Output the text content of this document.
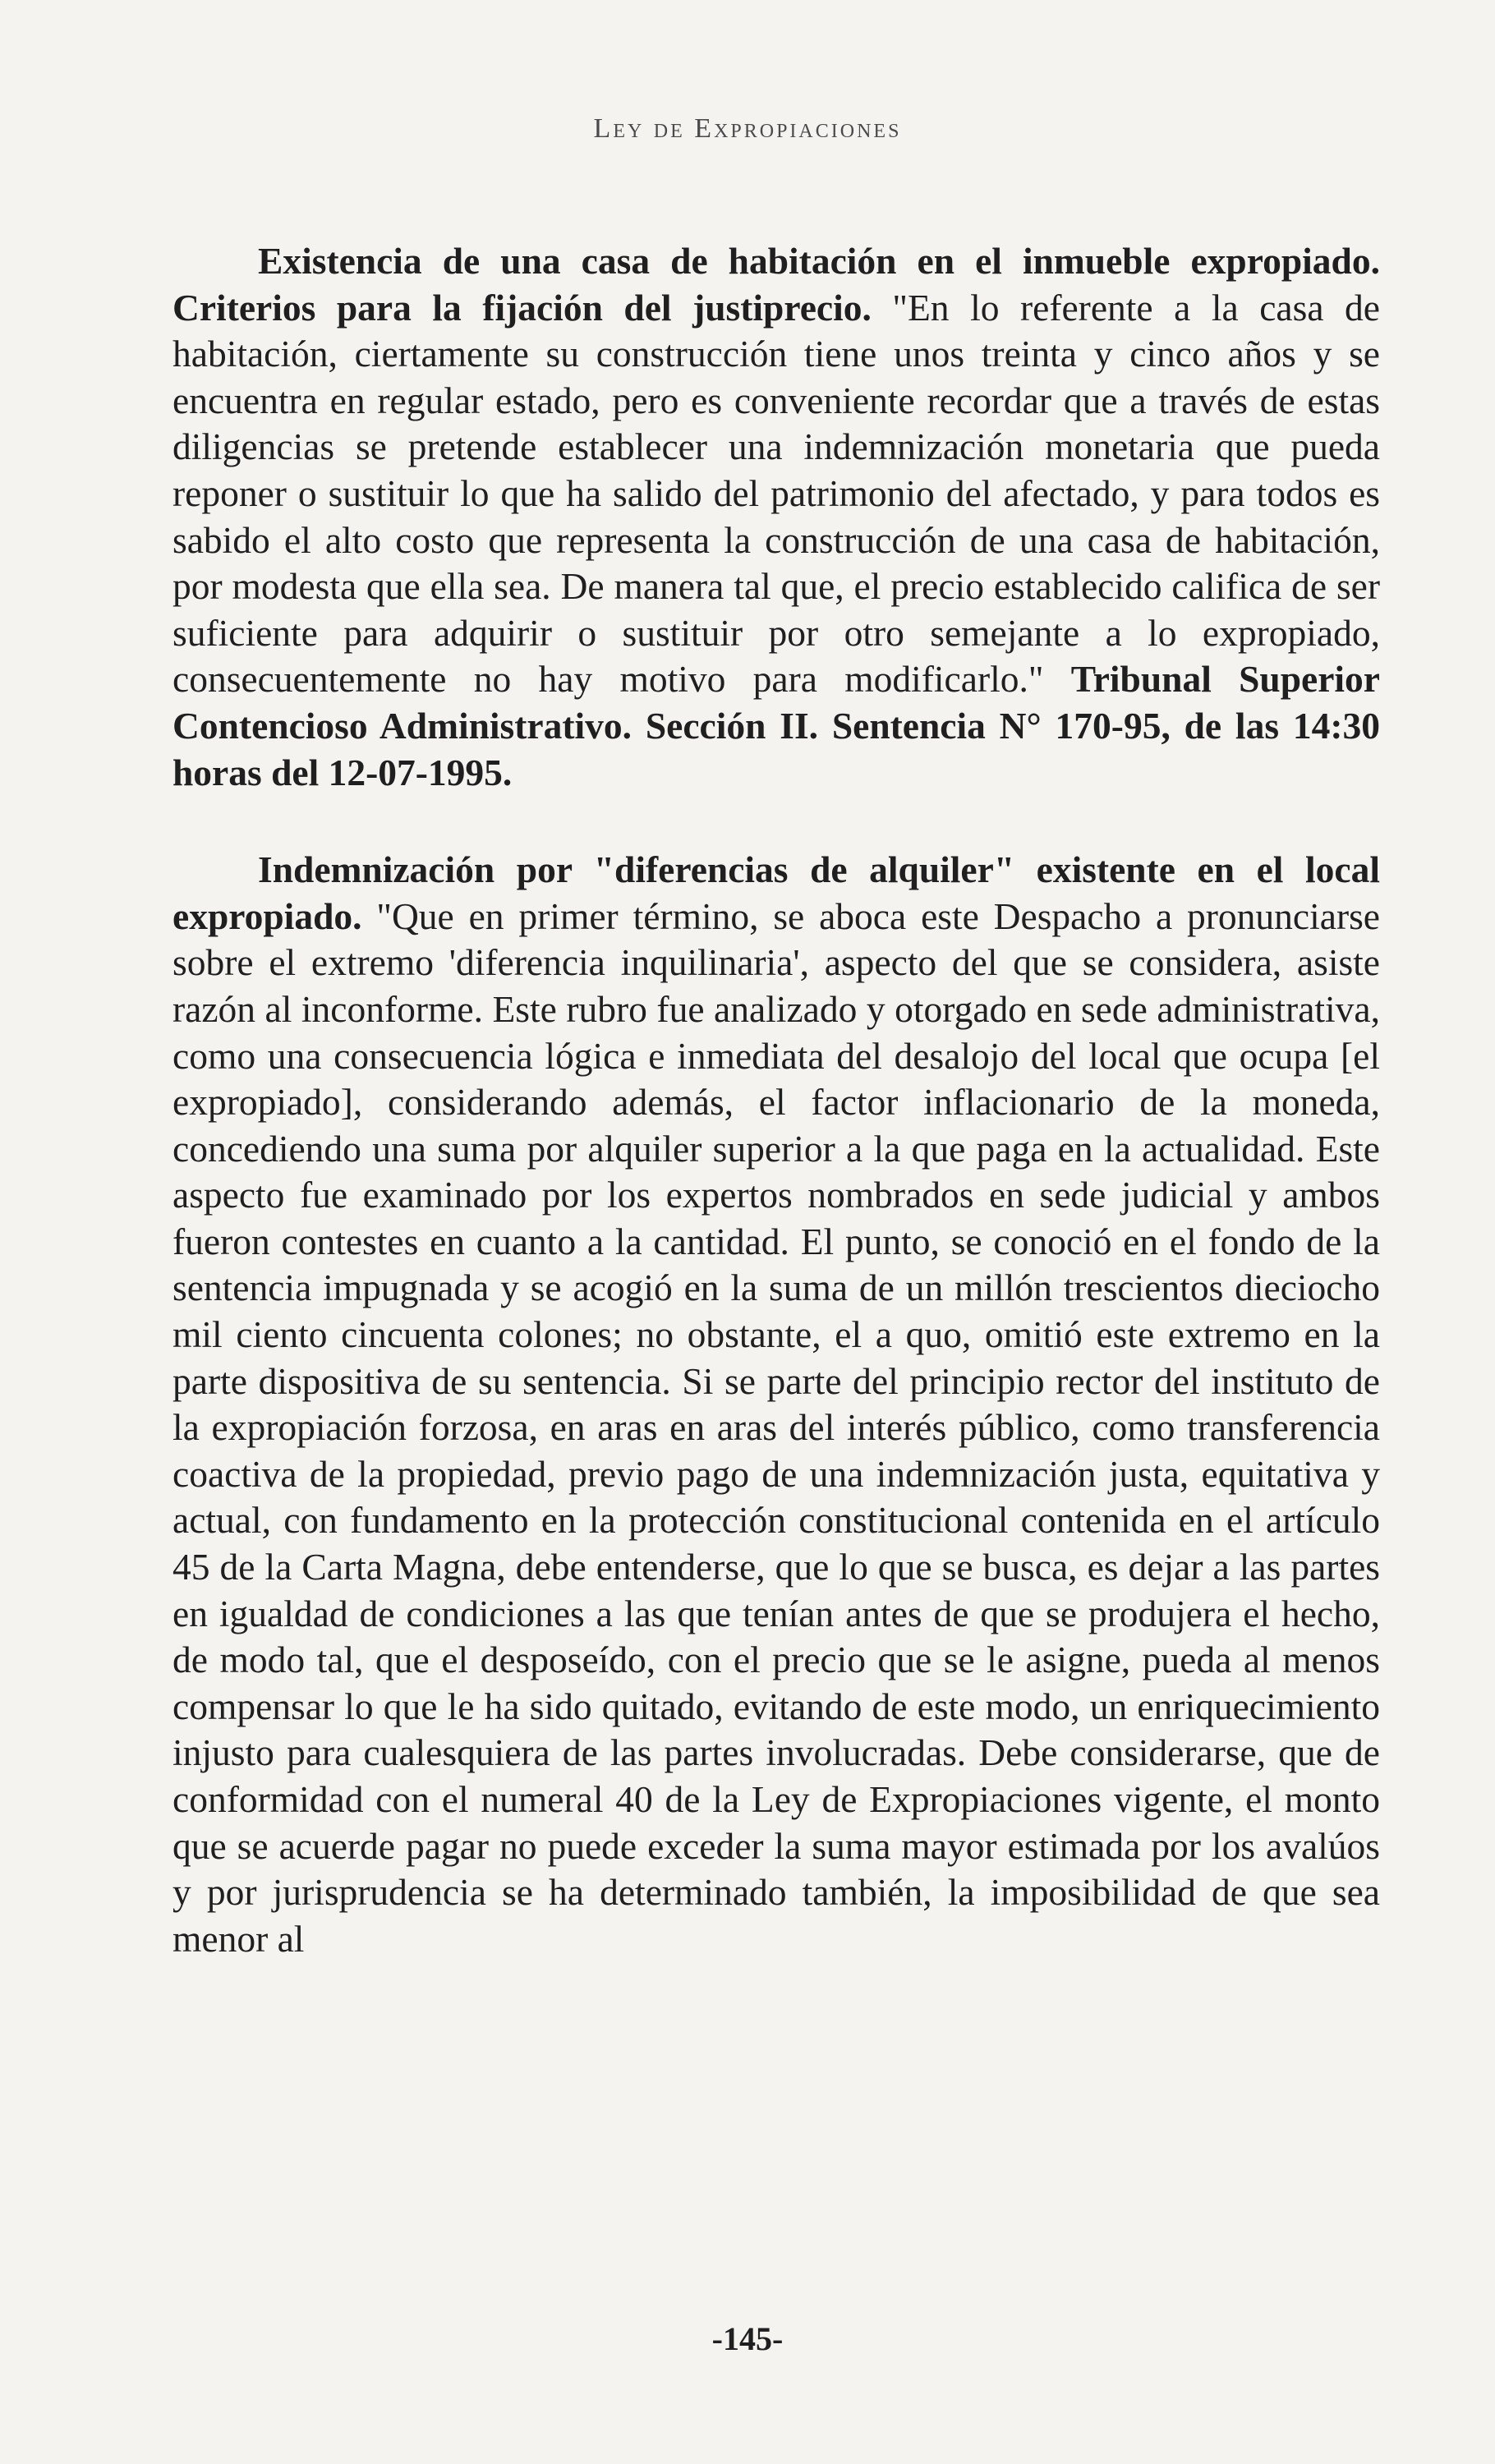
Ley de Expropiaciones

Existencia de una casa de habitación en el inmueble expropiado. Criterios para la fijación del justiprecio. "En lo referente a la casa de habitación, ciertamente su construcción tiene unos treinta y cinco años y se encuentra en regular estado, pero es conveniente recordar que a través de estas diligencias se pretende establecer una indemnización monetaria que pueda reponer o sustituir lo que ha salido del patrimonio del afectado, y para todos es sabido el alto costo que representa la construcción de una casa de habitación, por modesta que ella sea. De manera tal que, el precio establecido califica de ser suficiente para adquirir o sustituir por otro semejante a lo expropiado, consecuentemente no hay motivo para modificarlo." Tribunal Superior Contencioso Administrativo. Sección II. Sentencia N° 170-95, de las 14:30 horas del 12-07-1995.

Indemnización por "diferencias de alquiler" existente en el local expropiado. "Que en primer término, se aboca este Despacho a pronunciarse sobre el extremo 'diferencia inquilinaria', aspecto del que se considera, asiste razón al inconforme. Este rubro fue analizado y otorgado en sede administrativa, como una consecuencia lógica e inmediata del desalojo del local que ocupa [el expropiado], considerando además, el factor inflacionario de la moneda, concediendo una suma por alquiler superior a la que paga en la actualidad. Este aspecto fue examinado por los expertos nombrados en sede judicial y ambos fueron contestes en cuanto a la cantidad. El punto, se conoció en el fondo de la sentencia impugnada y se acogió en la suma de un millón trescientos dieciocho mil ciento cincuenta colones; no obstante, el a quo, omitió este extremo en la parte dispositiva de su sentencia. Si se parte del principio rector del instituto de la expropiación forzosa, en aras en aras del interés público, como transferencia coactiva de la propiedad, previo pago de una indemnización justa, equitativa y actual, con fundamento en la protección constitucional contenida en el artículo 45 de la Carta Magna, debe entenderse, que lo que se busca, es dejar a las partes en igualdad de condiciones a las que tenían antes de que se produjera el hecho, de modo tal, que el desposeído, con el precio que se le asigne, pueda al menos compensar lo que le ha sido quitado, evitando de este modo, un enriquecimiento injusto para cualesquiera de las partes involucradas. Debe considerarse, que de conformidad con el numeral 40 de la Ley de Expropiaciones vigente, el monto que se acuerde pagar no puede exceder la suma mayor estimada por los avalúos y por jurisprudencia se ha determinado también, la imposibilidad de que sea menor al

-145-
